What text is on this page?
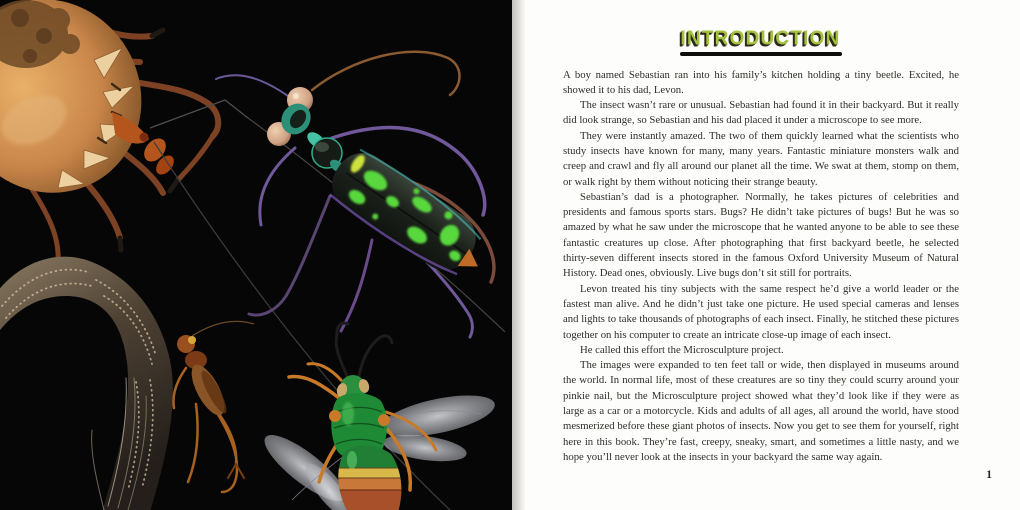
INTRODUCTION

A boy named Sebastian ran into his family’s kitchen holding a tiny beetle. Excited, he showed it to his dad, Levon.

The insect wasn’t rare or unusual. Sebastian had found it in their backyard. But it really did look strange, so Sebastian and his dad placed it under a microscope to see more.

They were instantly amazed. The two of them quickly learned what the scientists who study insects have known for many, many years. Fantastic miniature monsters walk and creep and crawl and fly all around our planet all the time. We swat at them, stomp on them, or walk right by them without noticing their strange beauty.

Sebastian’s dad is a photographer. Normally, he takes pictures of celebrities and presidents and famous sports stars. Bugs? He didn’t take pictures of bugs! But he was so amazed by what he saw under the microscope that he wanted anyone to be able to see these fantastic creatures up close. After photographing that first backyard beetle, he selected thirty-seven different insects stored in the famous Oxford University Museum of Natural History. Dead ones, obviously. Live bugs don’t sit still for portraits.

Levon treated his tiny subjects with the same respect he’d give a world leader or the fastest man alive. And he didn’t just take one picture. He used special cameras and lenses and lights to take thousands of photographs of each insect. Finally, he stitched these pictures together on his computer to create an intricate close-up image of each insect.

He called this effort the Microsculpture project.

The images were expanded to ten feet tall or wide, then displayed in museums around the world. In normal life, most of these creatures are so tiny they could scurry around your pinkie nail, but the Microsculpture project showed what they’d look like if they were as large as a car or a motorcycle. Kids and adults of all ages, all around the world, have stood mesmerized before these giant photos of insects. Now you get to see them for yourself, right here in this book. They’re fast, creepy, sneaky, smart, and sometimes a little nasty, and we hope you’ll never look at the insects in your backyard the same way again.

1
